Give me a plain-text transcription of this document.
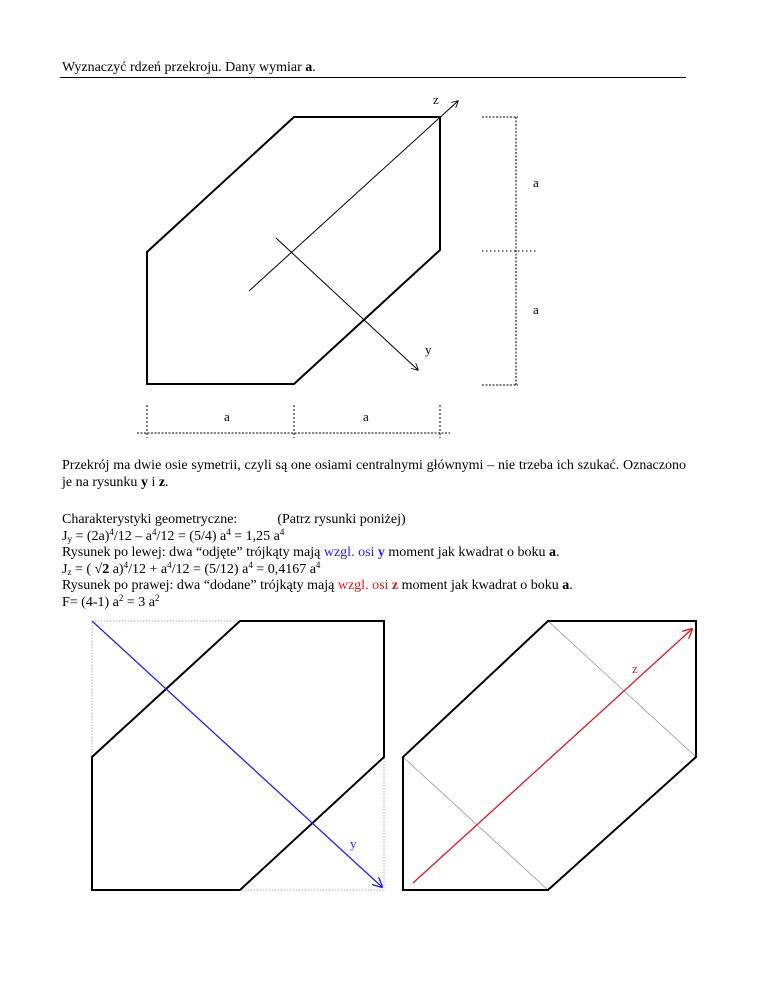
Wyznaczyć rdzeń przekroju. Dany wymiar a.
z
y
a
a
a	a
y
z
Przekrój ma dwie osie symetrii, czyli są one osiami centralnymi głównymi – nie trzeba ich szukać. Oznaczono je na rysunku y i z.
Charakterystyki geometryczne:	(Patrz rysunki poniżej)
$J_y = (2a)^4/12 - a^4/12 = (5/4) a^4 = 1,25$ $a^4$
Rysunek po lewej: dwa “odjęte” trójkąty mają wzgl. osi y moment jak kwadrat o boku a.
$J_z$ = ( √2 $a)^4/12 + a^4/12 = (5/12) a^4 = 0,4167$ $a^4$
Rysunek po prawej: dwa “dodane” trójkąty mają wzgl. osi z moment jak kwadrat o boku a.
F= (4-1) $a^2 = 3$ $a^2$
